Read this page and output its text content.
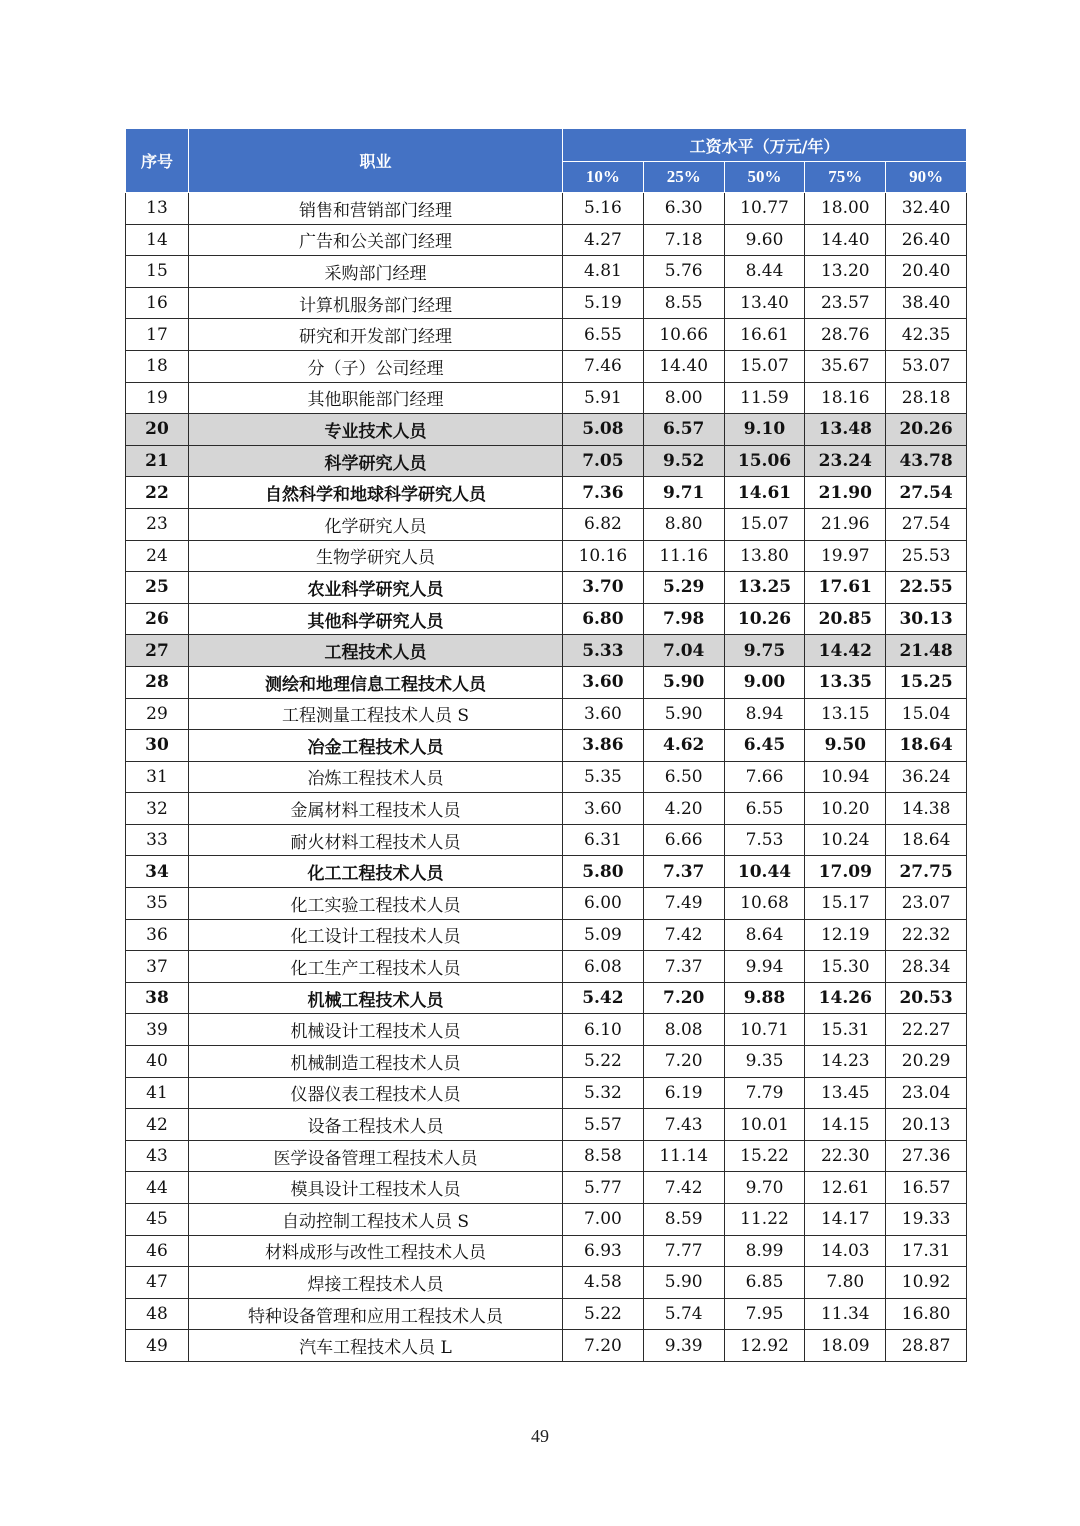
序号	职业	工资水平（万元/年）				
		10%	25%	50%	75%	90%
13	销售和营销部门经理	5.16	6.30	10.77	18.00	32.40
14	广告和公关部门经理	4.27	7.18	9.60	14.40	26.40
15	采购部门经理	4.81	5.76	8.44	13.20	20.40
16	计算机服务部门经理	5.19	8.55	13.40	23.57	38.40
17	研究和开发部门经理	6.55	10.66	16.61	28.76	42.35
18	分（子）公司经理	7.46	14.40	15.07	35.67	53.07
19	其他职能部门经理	5.91	8.00	11.59	18.16	28.18
20	专业技术人员	5.08	6.57	9.10	13.48	20.26
21	科学研究人员	7.05	9.52	15.06	23.24	43.78
22	自然科学和地球科学研究人员	7.36	9.71	14.61	21.90	27.54
23	化学研究人员	6.82	8.80	15.07	21.96	27.54
24	生物学研究人员	10.16	11.16	13.80	19.97	25.53
25	农业科学研究人员	3.70	5.29	13.25	17.61	22.55
26	其他科学研究人员	6.80	7.98	10.26	20.85	30.13
27	工程技术人员	5.33	7.04	9.75	14.42	21.48
28	测绘和地理信息工程技术人员	3.60	5.90	9.00	13.35	15.25
29	工程测量工程技术人员 S	3.60	5.90	8.94	13.15	15.04
30	冶金工程技术人员	3.86	4.62	6.45	9.50	18.64
31	冶炼工程技术人员	5.35	6.50	7.66	10.94	36.24
32	金属材料工程技术人员	3.60	4.20	6.55	10.20	14.38
33	耐火材料工程技术人员	6.31	6.66	7.53	10.24	18.64
34	化工工程技术人员	5.80	7.37	10.44	17.09	27.75
35	化工实验工程技术人员	6.00	7.49	10.68	15.17	23.07
36	化工设计工程技术人员	5.09	7.42	8.64	12.19	22.32
37	化工生产工程技术人员	6.08	7.37	9.94	15.30	28.34
38	机械工程技术人员	5.42	7.20	9.88	14.26	20.53
39	机械设计工程技术人员	6.10	8.08	10.71	15.31	22.27
40	机械制造工程技术人员	5.22	7.20	9.35	14.23	20.29
41	仪器仪表工程技术人员	5.32	6.19	7.79	13.45	23.04
42	设备工程技术人员	5.57	7.43	10.01	14.15	20.13
43	医学设备管理工程技术人员	8.58	11.14	15.22	22.30	27.36
44	模具设计工程技术人员	5.77	7.42	9.70	12.61	16.57
45	自动控制工程技术人员 S	7.00	8.59	11.22	14.17	19.33
46	材料成形与改性工程技术人员	6.93	7.77	8.99	14.03	17.31
47	焊接工程技术人员	4.58	5.90	6.85	7.80	10.92
48	特种设备管理和应用工程技术人员	5.22	5.74	7.95	11.34	16.80
49	汽车工程技术人员 L	7.20	9.39	12.92	18.09	28.87
49
